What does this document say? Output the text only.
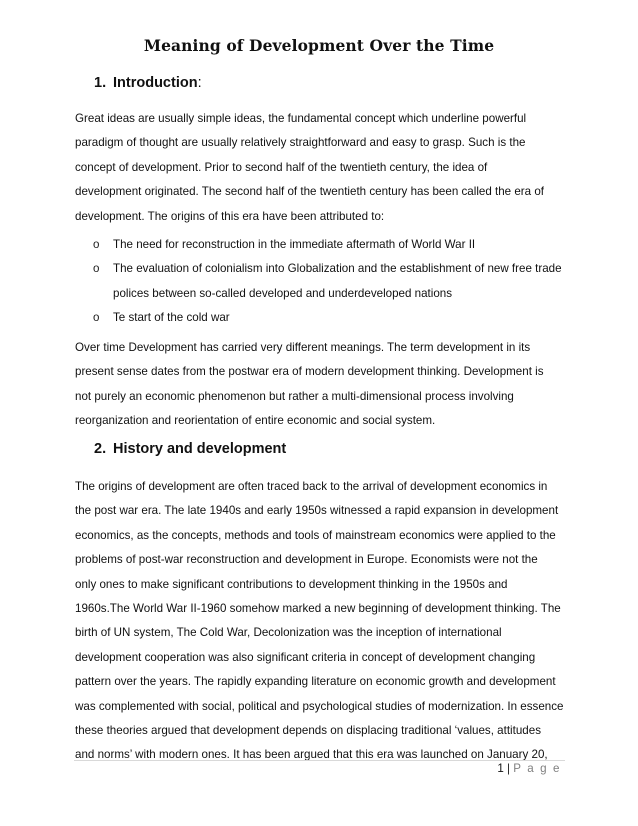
Meaning of Development Over the Time
1. Introduction:
Great ideas are usually simple ideas, the fundamental concept which underline powerful
paradigm of thought are usually relatively straightforward and easy to grasp. Such is the
concept of development. Prior to second half of the twentieth century, the idea of
development originated. The second half of the twentieth century has been called the era of
development. The origins of this era have been attributed to:
o The need for reconstruction in the immediate aftermath of World War II
o The evaluation of colonialism into Globalization and the establishment of new free trade
polices between so-called developed and underdeveloped nations
o Te start of the cold war
Over time Development has carried very different meanings. The term development in its
present sense dates from the postwar era of modern development thinking. Development is
not purely an economic phenomenon but rather a multi-dimensional process involving
reorganization and reorientation of entire economic and social system.
2. History and development
The origins of development are often traced back to the arrival of development economics in
the post war era. The late 1940s and early 1950s witnessed a rapid expansion in development
economics, as the concepts, methods and tools of mainstream economics were applied to the
problems of post-war reconstruction and development in Europe. Economists were not the
only ones to make significant contributions to development thinking in the 1950s and
1960s.The World War II-1960 somehow marked a new beginning of development thinking. The
birth of UN system, The Cold War, Decolonization was the inception of international
development cooperation was also significant criteria in concept of development changing
pattern over the years. The rapidly expanding literature on economic growth and development
was complemented with social, political and psychological studies of modernization. In essence
these theories argued that development depends on displacing traditional ‘values, attitudes
and norms’ with modern ones. It has been argued that this era was launched on January 20,
1 | P a g e
